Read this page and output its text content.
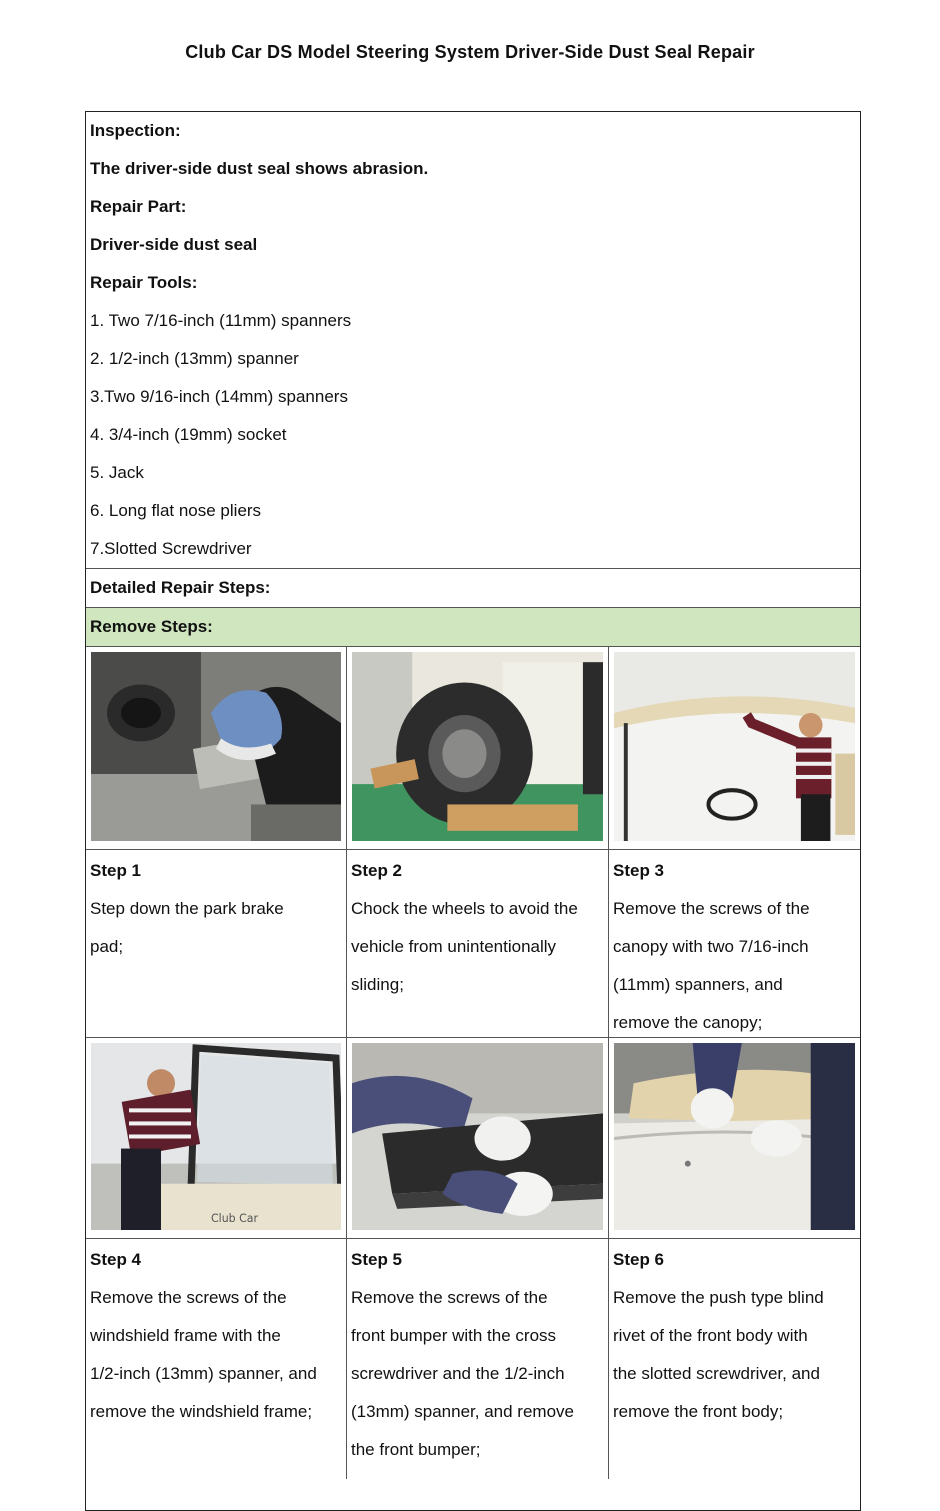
Club Car DS Model Steering System Driver-Side Dust Seal Repair
Inspection:
The driver-side dust seal shows abrasion.
Repair Part:
Driver-side dust seal
Repair Tools:
1. Two 7/16-inch (11mm) spanners
2. 1/2-inch (13mm) spanner
3.Two 9/16-inch (14mm) spanners
4. 3/4-inch (19mm) socket
5. Jack
6. Long flat nose pliers
7.Slotted Screwdriver
Detailed Repair Steps:
Remove Steps:
Step 1
Step down the park brake
pad;
Step 2
Chock the wheels to avoid the
vehicle from unintentionally
sliding;
Step 3
Remove the screws of the
canopy with two 7/16-inch
(11mm) spanners, and
remove the canopy;
Club Car
Step 4
Remove the screws of the
windshield frame with the
1/2-inch (13mm) spanner, and
remove the windshield frame;
Step 5
Remove the screws of the
front bumper with the cross
screwdriver and the 1/2-inch
(13mm) spanner, and remove
the front bumper;
Step 6
Remove the push type blind
rivet of the front body with
the slotted screwdriver, and
remove the front body;
